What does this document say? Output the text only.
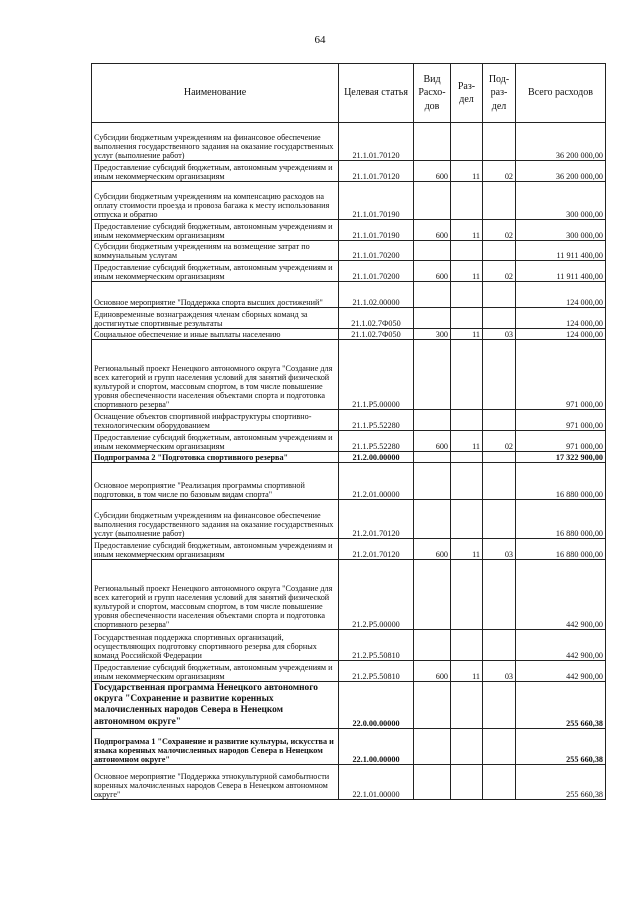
64
Наименование	Целевая статья	Вид Расхо-дов	Раз-дел	Под-раз-дел	Всего расходов
Субсидии бюджетным учреждениям на финансовое обеспечение выполнения государственного задания на оказание государственных услуг (выполнение работ)	21.1.01.70120				36 200 000,00
Предоставление субсидий бюджетным, автономным учреждениям и иным некоммерческим организациям	21.1.01.70120	600	11	02	36 200 000,00
Субсидии бюджетным учреждениям на компенсацию расходов на оплату стоимости проезда и провоза багажа к месту использования отпуска и обратно	21.1.01.70190				300 000,00
Предоставление субсидий бюджетным, автономным учреждениям и иным некоммерческим организациям	21.1.01.70190	600	11	02	300 000,00
Субсидии бюджетным учреждениям на возмещение затрат по коммунальным услугам	21.1.01.70200				11 911 400,00
Предоставление субсидий бюджетным, автономным учреждениям и иным некоммерческим организациям	21.1.01.70200	600	11	02	11 911 400,00
Основное мероприятие "Поддержка спорта высших достижений"	21.1.02.00000				124 000,00
Единовременные вознаграждения членам сборных команд за достигнутые спортивные результаты	21.1.02.7Ф050				124 000,00
Социальное обеспечение и иные выплаты населению	21.1.02.7Ф050	300	11	03	124 000,00
Региональный проект Ненецкого автономного округа "Создание для всех категорий и групп населения условий для занятий физической культурой и спортом, массовым спортом, в том числе повышение уровня обеспеченности населения объектами спорта и подготовка спортивного резерва"	21.1.Р5.00000				971 000,00
Оснащение объектов спортивной инфраструктуры спортивно-технологическим оборудованием	21.1.Р5.52280				971 000,00
Предоставление субсидий бюджетным, автономным учреждениям и иным некоммерческим организациям	21.1.Р5.52280	600	11	02	971 000,00
Подпрограмма 2 "Подготовка спортивного резерва"	21.2.00.00000				17 322 900,00
Основное мероприятие "Реализация программы спортивной подготовки, в том числе по базовым видам спорта"	21.2.01.00000				16 880 000,00
Субсидии бюджетным учреждениям на финансовое обеспечение выполнения государственного задания на оказание государственных услуг (выполнение работ)	21.2.01.70120				16 880 000,00
Предоставление субсидий бюджетным, автономным учреждениям и иным некоммерческим организациям	21.2.01.70120	600	11	03	16 880 000,00
Региональный проект Ненецкого автономного округа "Создание для всех категорий и групп населения условий для занятий физической культурой и спортом, массовым спортом, в том числе повышение уровня обеспеченности населения объектами спорта и подготовка спортивного резерва"	21.2.Р5.00000				442 900,00
Государственная поддержка спортивных организаций, осуществляющих подготовку спортивного резерва для сборных команд Российской Федерации	21.2.Р5.50810				442 900,00
Предоставление субсидий бюджетным, автономным учреждениям и иным некоммерческим организациям	21.2.Р5.50810	600	11	03	442 900,00
Государственная программа Ненецкого автономного округа "Сохранение и развитие коренных малочисленных народов Севера в Ненецком автономном округе"	22.0.00.00000				255 660,38
Подпрограмма 1 "Сохранение и развитие культуры, искусства и языка коренных малочисленных народов Севера в Ненецком автономном округе"	22.1.00.00000				255 660,38
Основное мероприятие "Поддержка этнокультурной самобытности коренных малочисленных народов Севера в Ненецком автономном округе"	22.1.01.00000				255 660,38
